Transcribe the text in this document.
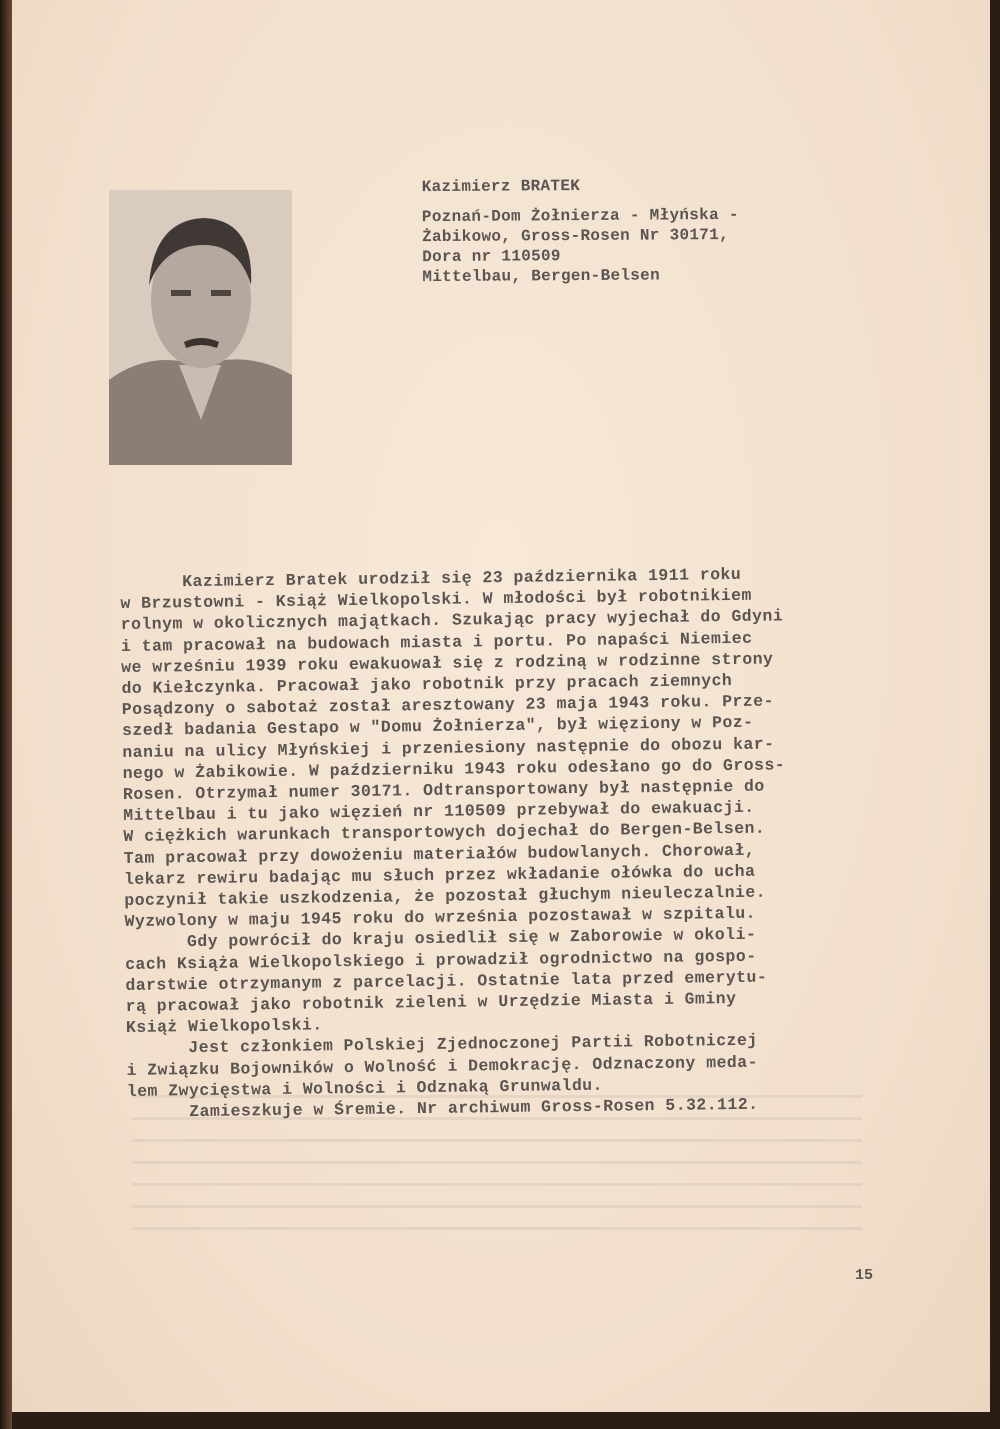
Kazimierz BRATEK
Poznań-Dom Żołnierza - Młyńska -
Żabikowo, Gross-Rosen Nr 30171,
Dora nr 110509
Mittelbau, Bergen-Belsen
Kazimierz Bratek urodził się 23 października 1911 roku
w Brzustowni - Książ Wielkopolski. W młodości był robotnikiem
rolnym w okolicznych majątkach. Szukając pracy wyjechał do Gdyni
i tam pracował na budowach miasta i portu. Po napaści Niemiec
we wrześniu 1939 roku ewakuował się z rodziną w rodzinne strony
do Kiełczynka. Pracował jako robotnik przy pracach ziemnych
Posądzony o sabotaż został aresztowany 23 maja 1943 roku. Prze-
szedł badania Gestapo w "Domu Żołnierza", był więziony w Poz-
naniu na ulicy Młyńskiej i przeniesiony następnie do obozu kar-
nego w Żabikowie. W październiku 1943 roku odesłano go do Gross-
Rosen. Otrzymał numer 30171. Odtransportowany był następnie do
Mittelbau i tu jako więzień nr 110509 przebywał do ewakuacji.
W ciężkich warunkach transportowych dojechał do Bergen-Belsen.
Tam pracował przy dowożeniu materiałów budowlanych. Chorował,
lekarz rewiru badając mu słuch przez wkładanie ołówka do ucha
poczynił takie uszkodzenia, że pozostał głuchym nieuleczalnie.
Wyzwolony w maju 1945 roku do września pozostawał w szpitalu.
Gdy powrócił do kraju osiedlił się w Zaborowie w okoli-
cach Książa Wielkopolskiego i prowadził ogrodnictwo na gospo-
darstwie otrzymanym z parcelacji. Ostatnie lata przed emerytu-
rą pracował jako robotnik zieleni w Urzędzie Miasta i Gminy
Książ Wielkopolski.
Jest członkiem Polskiej Zjednoczonej Partii Robotniczej
i Związku Bojowników o Wolność i Demokrację. Odznaczony meda-
lem Zwycięstwa i Wolności i Odznaką Grunwaldu.
Zamieszkuje w Śremie. Nr archiwum Gross-Rosen 5.32.112.
15
